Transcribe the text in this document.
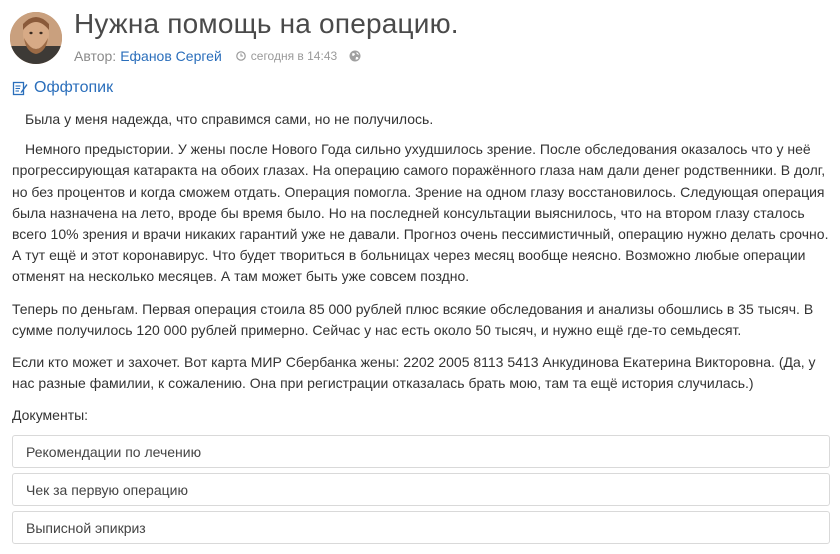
Нужна помощь на операцию.
Автор: Ефанов Сергей сегодня в 14:43
Оффтопик

Была у меня надежда, что справимся сами, но не получилось.

Немного предыстории. У жены после Нового Года сильно ухудшилось зрение. После обследования оказалось что у неё прогрессирующая катаракта на обоих глазах. На операцию самого поражённого глаза нам дали денег родственники. В долг, но без процентов и когда сможем отдать. Операция помогла. Зрение на одном глазу восстановилось. Следующая операция была назначена на лето, вроде бы время было. Но на последней консультации выяснилось, что на втором глазу сталось всего 10% зрения и врачи никаких гарантий уже не давали. Прогноз очень пессимистичный, операцию нужно делать срочно. А тут ещё и этот коронавирус. Что будет твориться в больницах через месяц вообще неясно. Возможно любые операции отменят на несколько месяцев. А там может быть уже совсем поздно.

Теперь по деньгам. Первая операция стоила 85 000 рублей плюс всякие обследования и анализы обошлись в 35 тысяч. В сумме получилось 120 000 рублей примерно. Сейчас у нас есть около 50 тысяч, и нужно ещё где-то семьдесят.

Если кто может и захочет. Вот карта МИР Сбербанка жены: 2202 2005 8113 5413 Анкудинова Екатерина Викторовна. (Да, у нас разные фамилии, к сожалению. Она при регистрации отказалась брать мою, там та ещё история случилась.)

Документы:

Рекомендации по лечению
Чек за первую операцию
Выписной эпикриз
